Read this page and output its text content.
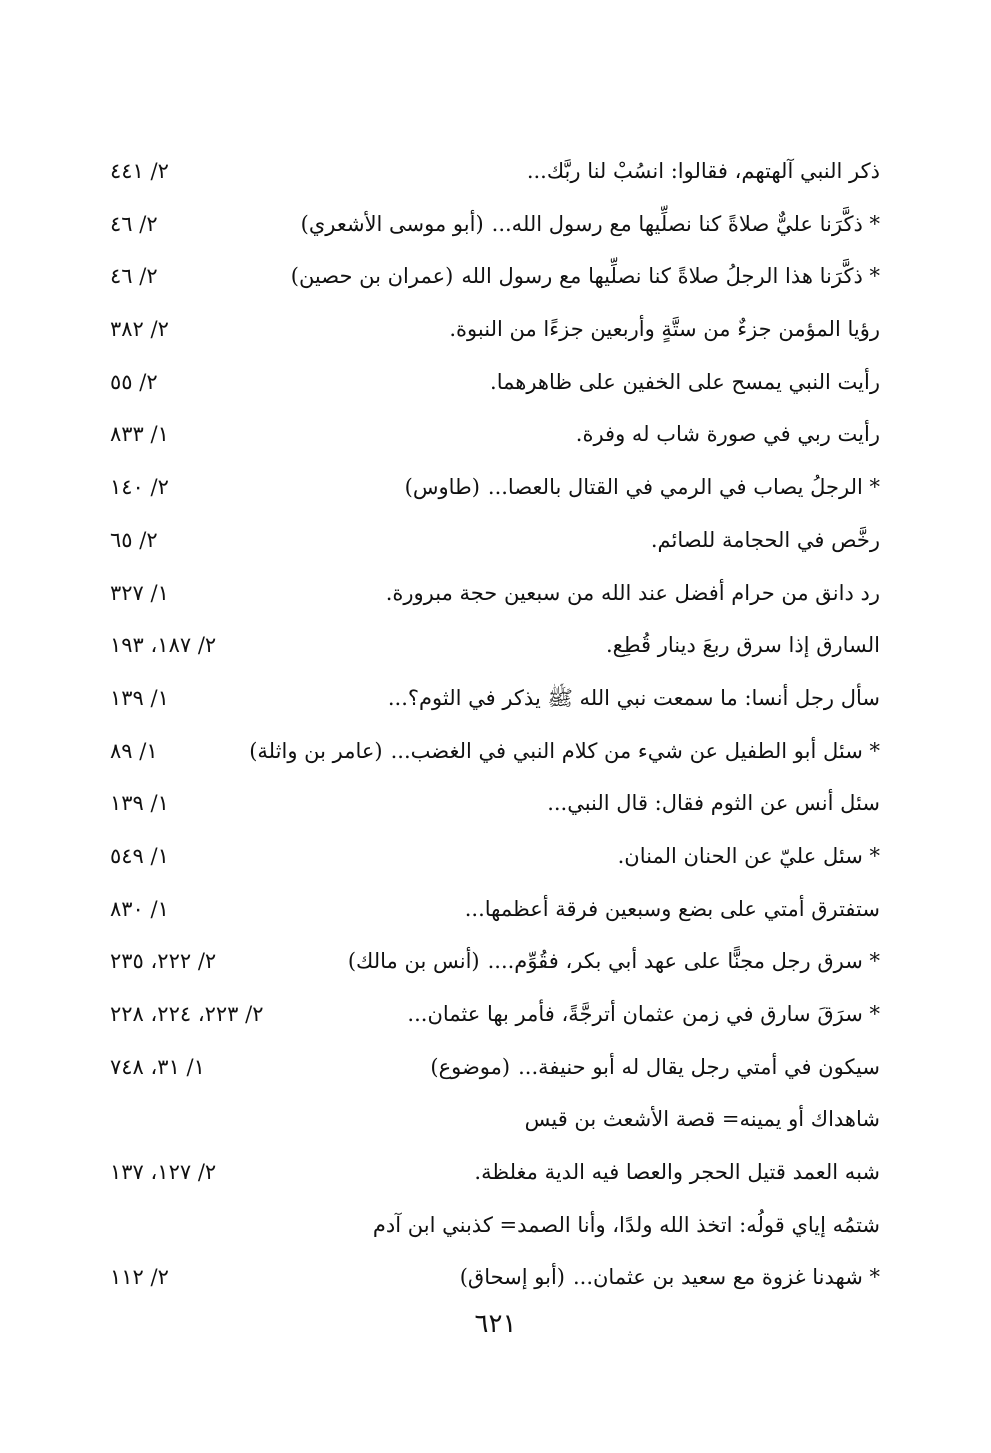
ذكر النبي آلهتهم، فقالوا: انسُبْ لنا ربَّك...
٢/ ٤٤١
* ذكَّرَنا عليٌّ صلاةً كنا نصلِّيها مع رسول الله...(أبو موسى الأشعري)
٢/ ٤٦
* ذكَّرَنا هذا الرجلُ صلاةً كنا نصلِّيها مع رسول الله(عمران بن حصين)
٢/ ٤٦
رؤيا المؤمن جزءٌ من ستَّةٍ وأربعين جزءًا من النبوة.
٢/ ٣٨٢
رأيت النبي يمسح على الخفين على ظاهرهما.
٢/ ٥٥
رأيت ربي في صورة شاب له وفرة.
١/ ٨٣٣
* الرجلُ يصاب في الرمي في القتال بالعصا...(طاوس)
٢/ ١٤٠
رخَّص في الحجامة للصائم.
٢/ ٦٥
رد دانق من حرام أفضل عند الله من سبعين حجة مبرورة.
١/ ٣٢٧
السارق إذا سرق ربعَ دينار قُطِع.
٢/ ١٨٧، ١٩٣
سأل رجل أنسا: ما سمعت نبي الله ﷺ يذكر في الثوم؟...
١/ ١٣٩
* سئل أبو الطفيل عن شيء من كلام النبي في الغضب...(عامر بن واثلة)
١/ ٨٩
سئل أنس عن الثوم فقال: قال النبي...
١/ ١٣٩
* سئل عليّ عن الحنان المنان.
١/ ٥٤٩
ستفترق أمتي على بضع وسبعين فرقة أعظمها...
١/ ٨٣٠
* سرق رجل مجنًّا على عهد أبي بكر، فقُوِّم....(أنس بن مالك)
٢/ ٢٢٢، ٢٣٥
* سرَقَ سارق في زمن عثمان أترجَّةً، فأمر بها عثمان...
٢/ ٢٢٣، ٢٢٤، ٢٢٨
سيكون في أمتي رجل يقال له أبو حنيفة...(موضوع)
١/ ٣١، ٧٤٨
شاهداك أو يمينه= قصة الأشعث بن قيس
شبه العمد قتيل الحجر والعصا فيه الدية مغلظة.
٢/ ١٢٧، ١٣٧
شتمُه إياي قولُه: اتخذ الله ولدًا، وأنا الصمد= كذبني ابن آدم
* شهدنا غزوة مع سعيد بن عثمان...(أبو إسحاق)
٢/ ١١٢
٦٢١
